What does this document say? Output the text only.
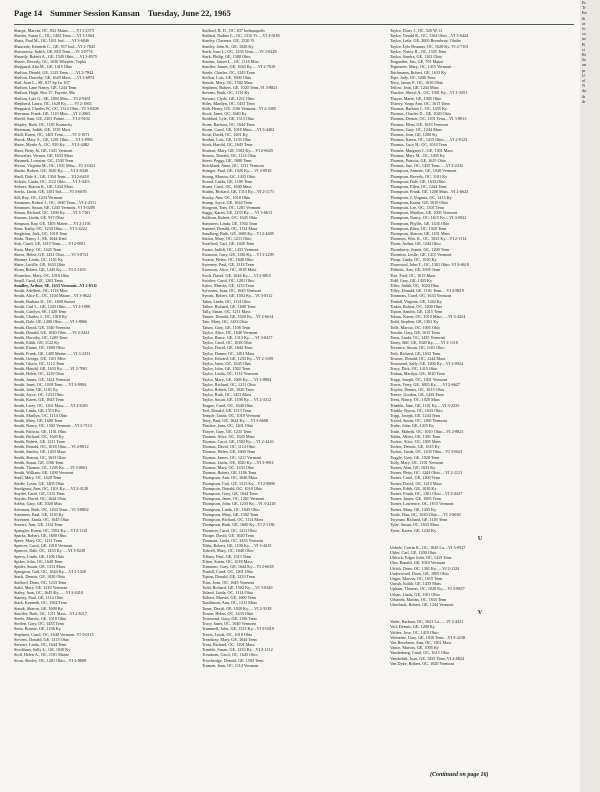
Page 14 Summer Session Kansan Tuesday, June 22, 1965
Sharpe, Marvin, OC, 832 Maine........VI 3-2373
Shasler, Susan L., OC, 1402 Tenn......VI 3-1064
Shatz, Paul M., OC, 1011 Ind........VI 3-6046
Shaurette, Kenneth C., GE, 917 Ind....VI 2-7843
Shawnessy, Judith, GE, 818 Tenn.....VI 3-0774
Sheardy, Robert A., GE, 1545 Ohio......VI 3-8575
Sheets, Beverly, OC, 1636 Whistler, Topka
Sheppard, Alta M., GE, 1415 Ohio
Shelton, Derald, GE, 1125 Tenn........VI 2-7842
Shelton, Dorothy, GE, 1620 Mass......VI 3-6974
Shel, Joan L., SE, 617 Sp Ln 107
Shelton, Lane Nancy, GE, 1244 Tenn
Shelton, Hugh, Box 37, Fayette, Ma
Shelton, Lyle G., SE, 1804 Miss.....VI 2-9461
Shepherd, Laura, OC, 1620 Ky........VI 2-1863
Sheppard, Charles W., OC, 1314 Ohio...VI 3-0208
Sherman, Frank, GE, 1110 Miss.....VI 2-2063
Shield, Sam, GE, 2301 Pointe........VI 2-9102
Shipley, Ruth, OC, 1101 Kentucky
Shireman, Judith, GE, 1535 Mass
Sholl, Karen, OC, 1401 Tenn.........VI 3-1971
Shook, Mary A., GE, 1201 Ohio.......VI 3-8901
Shore, Myrtle A., OC, 920 Ky.......VI 2-4482
Short, Betty Jo, GE, 1341 Vermont
Showalter, Vernon, GE, 1633 Mass
Shramek, Lorraine, OC, 1530 Tenn
Shrout, Virginia M., OC, 1031 Miss....VI 3-0221
Shuler, Robert, GE, 1020 Ky........VI 2-6340
Shull, Dale A., GE, 1304 Tenn......VI 2-6418
Sickles, Linda, OC, 1112 Ohio.......VI 3-4411
Siebert, Sharon K., GE, 1434 Mass
Sierks, Linda, GE, 1101 Ind........VI 3-6670
Sill, Roy, OC, 1233 Vermont
Simmons, Robert J., OC, 1640 Tenn....VI 2-2311
Simmons, Susan, GE, 1245 Vermont..VI 3-0209
Simon, Richard, OC, 1200 Ky........VI 3-7101
Simons, Linda, GE, 917 Ohio
Simpson, Kay, GE, 1405 Maine......VI 2-1101
Sims, Kathy, OC, 1234 Ohio.......VI 3-4222
Singleton, Jack, OC, 1018 Tenn
Sinks, Nancy J., SE, 1644 Kent
Sisk, Carol, GE, 1415 Tenn........VI 2-9811
Sixta, Mary, OC, 1625 Tenn
Skeen, Helen, GE, 1431 Ohio.......VI 3-0721
Skinner, Linda, OC, 1101 Ky
Slater, Lucille, GE, 1633 Ohio
Sloan, Robert, GE, 1245 Ky.......VI 2-1163
Slonecker, Mary, OC, 1010 Ohio
Small, Carol, GE, 1202 Tenn
Smalley, Arthur, SE, 1633 Vermont...VI 2-6311
Smith, Adelbert, OC, 1116 Miss
Smith, Alice E., OC, 1104 Maine....VI 3-0622
Smith, Barbara D., OC, 1600 Sunset
Smith, Carl L., GE, 1243 Ohio.......VI 2-1090
Smith, Carolyn, SE, 1420 Tenn
Smith, Charles J., OC, 1018 Ky
Smith, Dale, GE, 1200 Ohio........VI 3-8866
Smith, David, GE, 1540 Vermont
Smith, Donald, GE, 1020 Ohio......VI 2-3441
Smith, Dorothy, OC, 1205 Tenn
Smith, Edith, GE, 1122 Ky
Smith, Elaine, OC, 1600 Ohio
Smith, Frank, GE, 1405 Maine.......VI 3-2231
Smith, George, GE, 1101 Miss
Smith, Gloria, OC, 1112 Tenn
Smith, Harold, GE, 1633 Ky........VI 2-7081
Smith, Helen, OC, 1210 Ohio
Smith, James, GE, 1424 Vermont
Smith, Janet, OC, 1018 Tenn......VI 3-0904
Smith, John, GE, 1101 Ky
Smith, Joyce, OC, 1233 Ohio
Smith, Karen, GE, 1645 Tenn
Smith, Larry, OC, 1202 Mass.......VI 2-6301
Smith, Linda, GE, 1313 Ky
Smith, Marilyn, OC, 1114 Ohio
Smith, Mary, GE, 1600 Tenn
Smith, Nancy, OC, 1502 Vermont....VI 3-7113
Smith, Patricia, GE, 1101 Ohio
Smith, Richard, OC, 1640 Ky
Smith, Robert, GE, 1211 Tenn
Smith, Ronald, OC, 1018 Ohio.....VI 2-8812
Smith, Sandra, GE, 1433 Mass
Smith, Sharon, OC, 1633 Ohio
Smith, Susan, GE, 1106 Tenn
Smith, Thomas, OC, 1245 Ky......VI 3-0661
Smith, William, GE, 1200 Vermont
Snell, Mary, OC, 1620 Tenn
Snider, Louis, GE, 1405 Ohio
Snodgrass, Ann, OC, 1101 Ky......VI 2-4120
Snyder, Carol, GE, 1313 Tenn
Snyder, David, OC, 1644 Ohio
Sobba, Gary, GE, 1020 Miss
Solomon, Ruth, OC, 1233 Tenn....VI 3-8802
Sommers, Paul, GE, 1210 Ky
Sorensen, Linda, OC, 1645 Ohio
Sowers, Ann, GE, 1114 Tenn
Spangler, Karen, OC, 1502 Ky.....VI 2-1141
Sparks, Robert, GE, 1600 Ohio
Speer, Mary, OC, 1211 Tenn
Spencer, Carol, GE, 1018 Vermont
Spencer, Dale, OC, 1433 Ky......VI 3-0228
Sperry, Linda, GE, 1106 Ohio
Spiker, John, OC, 1640 Tenn
Spitler, Susan, GE, 1313 Mass
Spurgeon, Gail, OC, 1644 Ky.....VI 2-1320
Stack, Dennis, GE, 1020 Ohio
Stafford, Dean, OC, 1233 Tenn
Stahl, Mary, GE, 1210 Vermont
Staley, Joan, OC, 1645 Ky.......VI 3-4410
Stanley, Paul, GE, 1114 Ohio
Stark, Kenneth, OC, 1502 Tenn
Staudt, Sharon, GE, 1600 Ky
Stauffer, Ruth, OC, 1211 Mass....VI 2-6117
Steele, Marvin, GE, 1018 Ohio
Steffen, Gary, OC, 1433 Tenn
Stein, Bonnie, GE, 1106 Ky
Stephens, Carol, OC, 1640 Vermont..VI 3-0115
Stevens, Donald, GE, 1313 Ohio
Stewart, Linda, OC, 1644 Tenn
Stockham, Sally L., GE, 1020 Ky
Stoll, Helen A., OC, 1101 Maine
Stout, Shirley, OC, 1201 Ohio....VI 2-8808
Stafford, B. D., OC, 637 Indianapolis
Stallard, Nadine L., OC, 1316 Vt.....VI 3-0185
Stanley, Clarence, GE, 1520 Vt
Stanley, John R., GE, 1020 Ky
Stark, Joan L., OC, 1233 Tenn......VI 3-0228
Stark, Philip, GE, 1300 Ohio
Stauber, James L., OC, 1116 Miss
Stauffer, James, GE, 1644 Ky......VI 2-7610
Steele, Charles, OC, 1245 Tenn
Steffen, Lois, GE, 1600 Ohio
Steinle, Mary, OC, 1502 Mass
Stephens, Robert, GE, 1020 Tenn..VI 3-8821
Stevens, Ruth, OC, 1114 Ky
Stewart, Clyde, GE, 1211 Ohio
Stiles, Marilyn, OC, 1433 Tenn
Stith, Henry, GE, 1106 Vermont...VI 2-3305
Stock, Janet, OC, 1640 Ky
Stoddard, Lyle, GE, 1313 Ohio
Stone, Barbara, OC, 1644 Tenn
Storm, Carol, GE, 1018 Mass.....VI 3-4402
Stout, David, OC, 1201 Ky
Strahm, Lois, GE, 1233 Ohio
Strait, Harold, OC, 1645 Tenn
Stratton, Mary, GE, 1502 Ky.....VI 2-6620
Strauss, Donald, OC, 1114 Ohio
Street, Peggy, GE, 1600 Tenn
Strickland, Anne, OC, 1211 Vermont
Stringer, Paul, GE, 1020 Ky.....VI 3-0910
Strong, Marvin, OC, 1433 Ohio
Stroud, Linda, GE, 1106 Tenn
Stuart, Carol, OC, 1640 Mass
Stubbs, Richard, GE, 1313 Ky....VI 2-1171
Stucky, Ann, OC, 1018 Ohio
Stump, Joyce, GE, 1644 Tenn
Sturgeon, Tom, OC, 1201 Vermont
Suggs, Karen, GE, 1233 Ky......VI 3-6613
Sullivan, Robert, OC, 1645 Ohio
Summers, Linda, GE, 1502 Tenn
Sumner, Donald, OC, 1114 Mass
Sundberg, Ruth, GE, 1600 Ky....VI 2-4405
Sutton, Mary, OC, 1211 Ohio
Swafford, Carl, GE, 1020 Tenn
Swain, Judith, OC, 1433 Vermont
Swanson, Gary, GE, 1106 Ky.....VI 3-2209
Swartz, Helen, OC, 1640 Ohio
Sweeney, Paul, GE, 1313 Tenn
Swenson, Alice, OC, 1018 Mass
Swift, David, GE, 1644 Ky......VI 2-8815
Swisher, Carol, OC, 1201 Ohio
Sykes, Marvin, GE, 1233 Tenn
Sylvester, Joan, OC, 1645 Vermont
Symns, Robert, GE, 1502 Ky....VI 3-0312
Taber, Linda, OC, 1114 Ohio
Talbot, Richard, GE, 1600 Tenn
Tally, Susan, OC, 1211 Mass
Tanner, Donald, GE, 1020 Ky....VI 2-6614
Tate, Mary, OC, 1433 Ohio
Tatum, Gary, GE, 1106 Tenn
Taylor, Alice, OC, 1640 Vermont
Taylor, Bruce, GE, 1313 Ky......VI 3-0417
Taylor, Carol, OC, 1018 Ohio
Taylor, David, GE, 1644 Tenn
Taylor, Donna, OC, 1201 Mass
Taylor, Edward, GE, 1233 Ky....VI 2-1109
Taylor, Janet, OC, 1645 Ohio
Taylor, John, GE, 1502 Tenn
Taylor, Linda, OC, 1114 Vermont
Taylor, Mary, GE, 1600 Ky......VI 3-8804
Taylor, Richard, OC, 1211 Ohio
Taylor, Robert, GE, 1020 Tenn
Taylor, Ruth, OC, 1433 Mass
Taylor, Susan, GE, 1106 Ky.....VI 2-3312
Teague, Carol, OC, 1640 Ohio
Teel, Donald, GE, 1313 Tenn
Temple, Linda, OC, 1018 Vermont
Terry, Paul, GE, 1644 Ky......VI 3-6608
Thacker, Joan, OC, 1201 Ohio
Thayer, Gary, GE, 1233 Tenn
Thomas, Alice, OC, 1645 Mass
Thomas, Carol, GE, 1502 Ky.....VI 2-4416
Thomas, David, OC, 1114 Ohio
Thomas, Helen, GE, 1600 Tenn
Thomas, James, OC, 1211 Vermont
Thomas, Linda, GE, 1020 Ky.....VI 3-0911
Thomas, Mary, OC, 1433 Ohio
Thomas, Robert, GE, 1106 Tenn
Thompson, Ann, OC, 1640 Mass
Thompson, Carl, GE, 1313 Ky....VI 2-8806
Thompson, Donald, OC, 1018 Ohio
Thompson, Gary, GE, 1644 Tenn
Thompson, Janet, OC, 1201 Vermont
Thompson, John, GE, 1233 Ky....VI 3-2218
Thompson, Linda, OC, 1645 Ohio
Thompson, Mary, GE, 1502 Tenn
Thompson, Richard, OC, 1114 Mass
Thompson, Ruth, GE, 1600 Ky...VI 2-1130
Thornton, Carol, OC, 1211 Ohio
Thorpe, David, GE, 1020 Tenn
Thurman, Linda, OC, 1433 Vermont
Tibbs, Robert, GE, 1106 Ky.....VI 3-4415
Tidwell, Mary, OC, 1640 Ohio
Tiffany, Paul, GE, 1313 Tenn
Tilton, Susan, OC, 1018 Mass
Timmons, Gary, GE, 1644 Ky....VI 2-6618
Tindall, Carol, OC, 1201 Ohio
Tipton, Donald, GE, 1233 Tenn
Titus, Joan, OC, 1645 Vermont
Todd, Richard, GE, 1502 Ky.....VI 3-0320
Toland, Linda, OC, 1114 Ohio
Tolbert, Marvin, GE, 1600 Tenn
Tomlinson, Ann, OC, 1211 Mass
Toner, David, GE, 1020 Ky......VI 2-3318
Towne, Helen, OC, 1433 Ohio
Townsend, Gary, GE, 1106 Tenn
Tracy, Janet, OC, 1640 Vermont
Trammell, John, GE, 1313 Ky....VI 3-0419
Travis, Linda, OC, 1018 Ohio
Treadway, Mary, GE, 1644 Tenn
Trent, Richard, OC, 1201 Mass
Trimble, Susan, GE, 1233 Ky....VI 2-1112
Troutman, Carol, OC, 1645 Ohio
Trowbridge, Donald, GE, 1502 Tenn
Truman, Joan, OC, 1114 Vermont
Taylor, Doris J., OC, 520 W. 11
Taylor, Gerald R., OC, 1104 Ohio....VI 3-6424
Taylor, Leila, GE, 2005 Broadway, Olathe
Taylor, Lyle Brunner, OC, 1620 Ky..VI 2-7101
Taylor, Nancy R., OC, 1535 Tenn
Taylor, Sandra, GE, 1101 Ohio
Teagarden, Jim, GE, 701 Maine
Tegtmeier, Mary, OC, 1415 Vermont
Teichmann, Robert, GE, 1633 Ky
Tepe, Judy, OC, 1200 Tenn
Terry, James P., OC, 1010 Ohio
Tetlow, Jean, GE, 1244 Mass
Thacker, Sheryl A., OC, 1301 Ky....VI 2-3351
Thayer, Marie, GE, 1005 Ohio
Thierry, Sonja Ann, OC, 1615 Tenn
Thomas, Barbara J., OC, 1435 Ky
Thomas, Charles D., GE, 1020 Ohio
Thomas, Dennis, OC, 1101 Tenn....VI 3-8813
Thomas, Ellen, GE, 1633 Vermont
Thomas, Gary, OC, 1244 Mass
Thomas, Jean, GE, 1200 Ky
Thomas, Karen, OC, 1415 Ohio......VI 2-9123
Thomas, Lucy H., OC, 1010 Tenn
Thomas, Margaret J., GE, 1301 Mass
Thomas, Mary M., OC, 1005 Ky
Thomas, Patricia, GE, 1615 Ohio
Thomas, Sue, OC, 1435 Tenn......VI 3-2232
Thompson, Annette, GE, 1020 Vermont
Thompson, Beverly, OC, 1101 Ky
Thompson, Dale, GE, 1633 Ohio
Thompson, Ellen, OC, 1244 Tenn
Thompson, Frank, GE, 1200 Mass...VI 2-6623
Thompson, J. Virginia, OC, 1415 Ky
Thompson, Karen, GE, 1010 Ohio
Thompson, Lee, OC, 1301 Tenn
Thompson, Marilyn, GE, 1005 Vermont
Thompson, Nancy, OC, 1615 Ky....VI 3-0922
Thompson, Phyllis, GE, 1435 Ohio
Thompson, Rhea, OC, 1020 Tenn
Thompson, Sharon, GE, 1101 Mass
Thomsen, Wm. K., OC, 1633 Ky....VI 2-1114
Thorn, Arthur, GE, 1244 Ohio
Thornberry, Jeanie, OC, 1200 Tenn
Thornton, Leslie, GE, 1415 Vermont
Thorp, Linda, OC, 1010 Ky
Thurwood, John T., OC, 1301 Ohio..VI 3-6618
Tibbetts, Ann, GE, 1005 Tenn
Tice, Fred, OC, 1615 Mass
Tidd, Gary, GE, 1435 Ky
Tiller, Judith, OC, 1020 Ohio
Tilley, Donald, GE, 1101 Tenn.....VI 2-8819
Timmons, Carol, OC, 1633 Vermont
Tindall, Virginia, GE, 1244 Ky
Tinker, Robert, OC, 1200 Ohio
Tipton, Sandra, GE, 1415 Tenn
Tobias, Karen, OC, 1010 Mass......VI 3-4424
Todd, Stephen, GE, 1301 Ky
Tolle, Marcia, OC, 1005 Ohio
Tomlin, Gary, GE, 1615 Tenn
Toms, Linda, OC, 1435 Vermont
Toney, Bill, GE, 1020 Ky........VI 2-1118
Torrance, Susan, OC, 1101 Ohio
Toth, Richard, GE, 1633 Tenn
Towner, Donald, OC, 1244 Mass
Townsend, Sally, GE, 1200 Ky....VI 3-0924
Tracy, Dick, OC, 1415 Ohio
Trahan, Marilyn, GE, 1010 Tenn
Trapp, Joseph, OC, 1301 Vermont
Travis, Terry, GE, 1005 Ky.......VI 2-6627
Traylor, Dennis, OC, 1615 Ohio
Treece, Gordon, GE, 1435 Tenn
Trent, Nancy, OC, 1020 Mass
Trimble, Jane, GE, 1101 Ky.....VI 3-2235
Trinkle, Byron, OC, 1633 Ohio
Tripp, Joseph, GE, 1244 Tenn
Troxel, Susan, OC, 1200 Vermont
Truhe, John, GE, 1415 Ky
Truitt, Mabeth, OC, 1010 Ohio....VI 2-8821
Tubbs, Albert, GE, 1301 Tenn
Tucker, Alice, OC, 1005 Mass
Tucker, Dennis, GE, 1615 Ky
Tucker, Linda, OC, 1435 Ohio....VI 3-6621
Tuggle, Gary, GE, 1020 Tenn
Tully, Mary, OC, 1101 Vermont
Turner, Alan, GE, 1633 Ky
Turner, Betty, OC, 1244 Ohio.....VI 2-1121
Turner, Carol, GE, 1200 Tenn
Turner, David, OC, 1415 Mass
Turner, Edith, GE, 1010 Ky
Turner, Frank, OC, 1301 Ohio....VI 3-4427
Turner, James, GE, 1005 Tenn
Turner, Lawrence, OC, 1615 Vermont
Turner, Mary, GE, 1435 Ky
Tuttle, Don, OC, 1020 Ohio......VI 2-6630
Twyman, Richard, GE, 1101 Tenn
Tyler, Susan, OC, 1633 Mass
Tyner, Karen, GE, 1244 Ky
U
Uebele, Corrin K., OC, 1643 La....VI 3-0927
Uhler, Carl, GE, 1200 Ohio
Uhlrich, Edgar John, OC, 1415 Tenn
Ulm, Ronald, GE, 1010 Vermont
Ulrich, Dean, OC, 1301 Ky......VI 2-1124
Underwood, Doris, GE, 1005 Ohio
Unger, Marvin, OC, 1615 Tenn
Unruh, Judith, GE, 1435 Mass
Upham, Thomas, OC, 1020 Ky.....VI 3-8827
Urban, Linda, GE, 1101 Ohio
Urbanek, Marian, OC, 1633 Tenn
Utterback, Robert, GE, 1244 Vermont
V
Vader, Barbara, OC, 1621 La.......VI 2-4431
Vail, Dennis, GE, 1200 Ky
Valdez, Jose, OC, 1415 Ohio
Valentine, Gary, GE, 1010 Tenn....VI 3-2238
Van Becelaere, Ann, OC, 1301 Mass
Vance, Marvin, GE, 1005 Ky
Vandenberg, Carol, OC, 1615 Ohio
Vanderbilt, Joan, GE, 1435 Tenn..VI 2-8824
Van Dyke, Robert, OC, 1020 Vermont
Er
Tr
En
th
ar
fo
so
ne
B
si
Ri
fit
an
pr
U
of
N
da
th
dr
(Continued on page 16)
